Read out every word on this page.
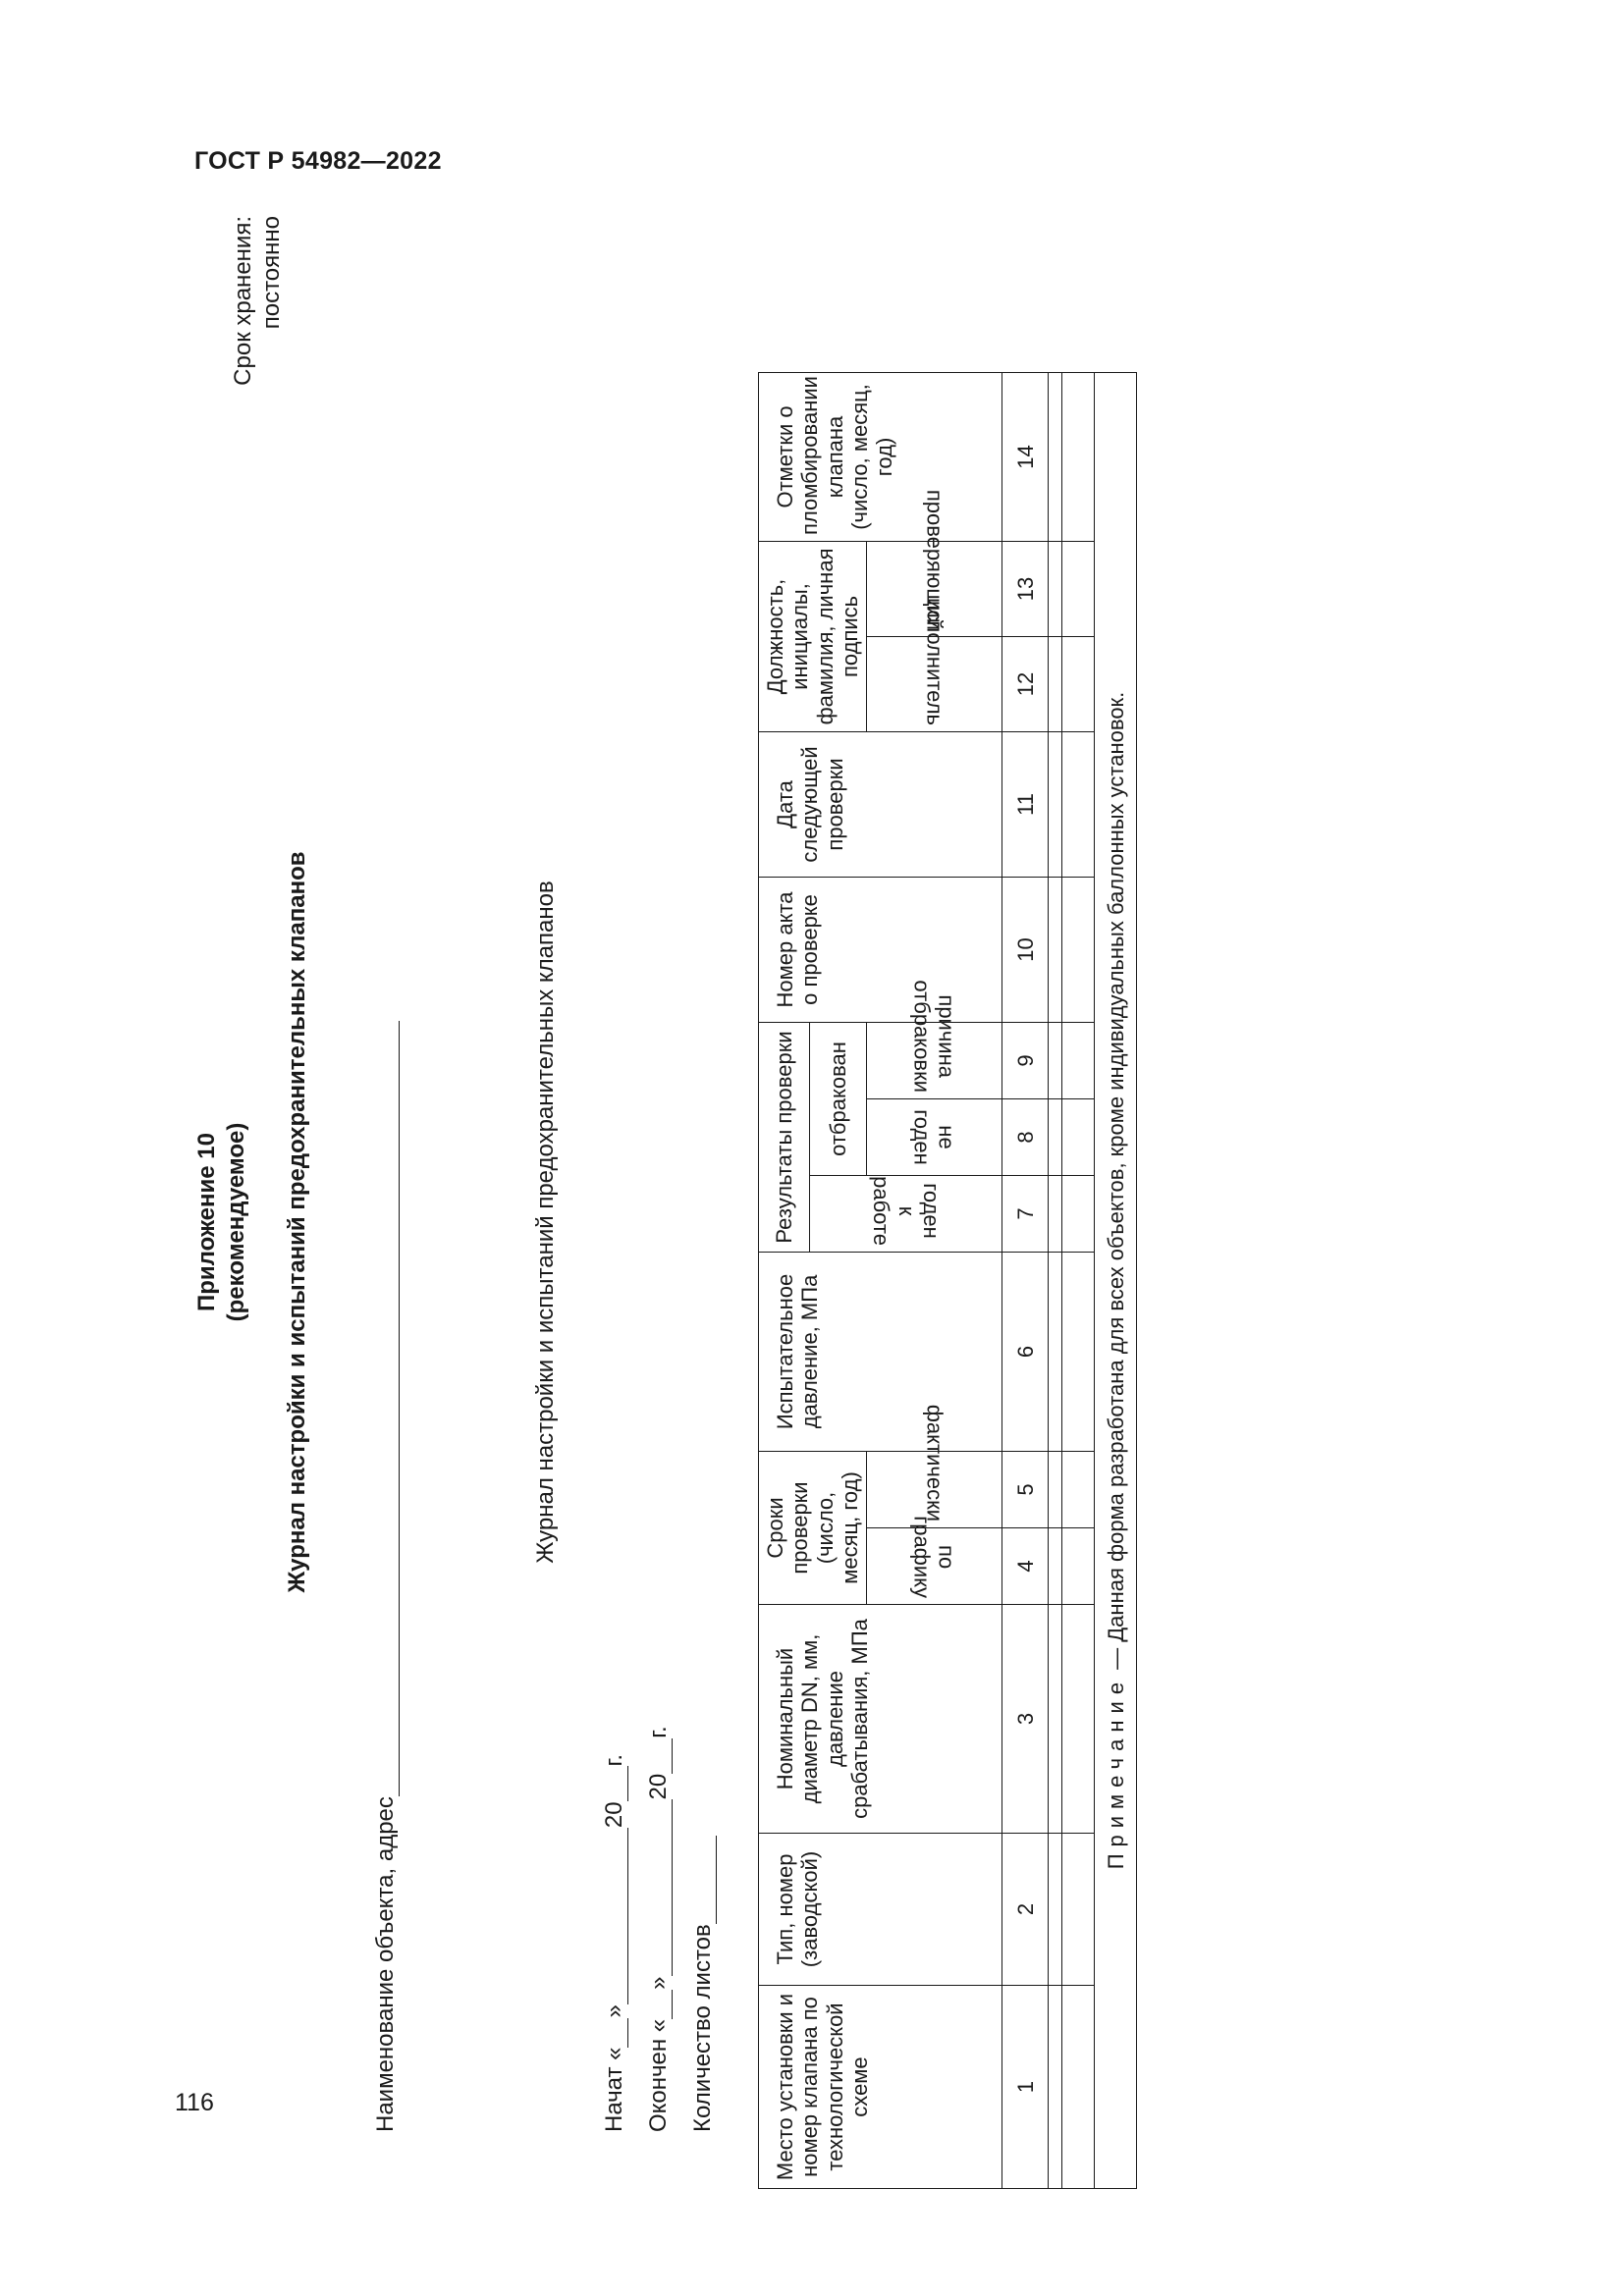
ГОСТ Р 54982—2022
116
Приложение 10 (рекомендуемое) Журнал настройки и испытаний предохранительных клапанов
Срок хранения: постоянно
Наименование объекта, адрес
Журнал настройки и испытаний предохранительных клапанов
Начат «»20г.
Окончен «»20г.
Количество листов	Место установки и номер клапана по технологической схеме	Тип, номер (заводской)	Номинальный диаметр DN, мм, давление срабатывания, МПа	Сроки проверки (число, месяц, год)		Испытательное давление, МПа	Результаты проверки			Номер акта о проверке	Дата следующей проверки	Должность, инициалы, фамилия, личная подпись		Отметки о пломбировании клапана (число, месяц, год)
						годен к работе	отбракован						
			по графику	фактически			не годен	причина отбраковки			исполнитель	проверяющий	
1	2	3	4	5	6	7	8	9	10	11	12	13	14

Примечание — Данная форма разработана для всех объектов, кроме индивидуальных баллонных установок.													
